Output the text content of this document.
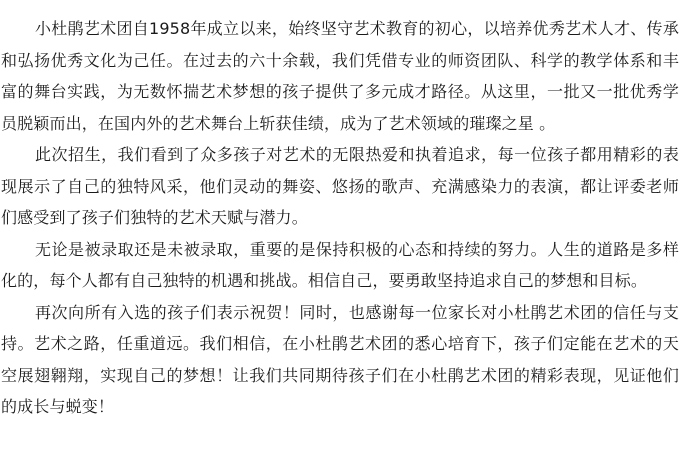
小杜鹃艺术团自1958年成立以来，始终坚守艺术教育的初心，以培养优秀艺术人才、传承和弘扬优秀文化为己任。在过去的六十余载，我们凭借专业的师资团队、科学的教学体系和丰富的舞台实践，为无数怀揣艺术梦想的孩子提供了多元成才路径。从这里，一批又一批优秀学员脱颖而出，在国内外的艺术舞台上斩获佳绩，成为了艺术领域的璀璨之星 。

此次招生，我们看到了众多孩子对艺术的无限热爱和执着追求，每一位孩子都用精彩的表现展示了自己的独特风采，他们灵动的舞姿、悠扬的歌声、充满感染力的表演，都让评委老师们感受到了孩子们独特的艺术天赋与潜力。

无论是被录取还是未被录取，重要的是保持积极的心态和持续的努力。人生的道路是多样化的，每个人都有自己独特的机遇和挑战。相信自己，要勇敢坚持追求自己的梦想和目标。

再次向所有入选的孩子们表示祝贺！同时，也感谢每一位家长对小杜鹃艺术团的信任与支持。艺术之路，任重道远。我们相信，在小杜鹃艺术团的悉心培育下，孩子们定能在艺术的天空展翅翱翔，实现自己的梦想！让我们共同期待孩子们在小杜鹃艺术团的精彩表现，见证他们的成长与蜕变！
